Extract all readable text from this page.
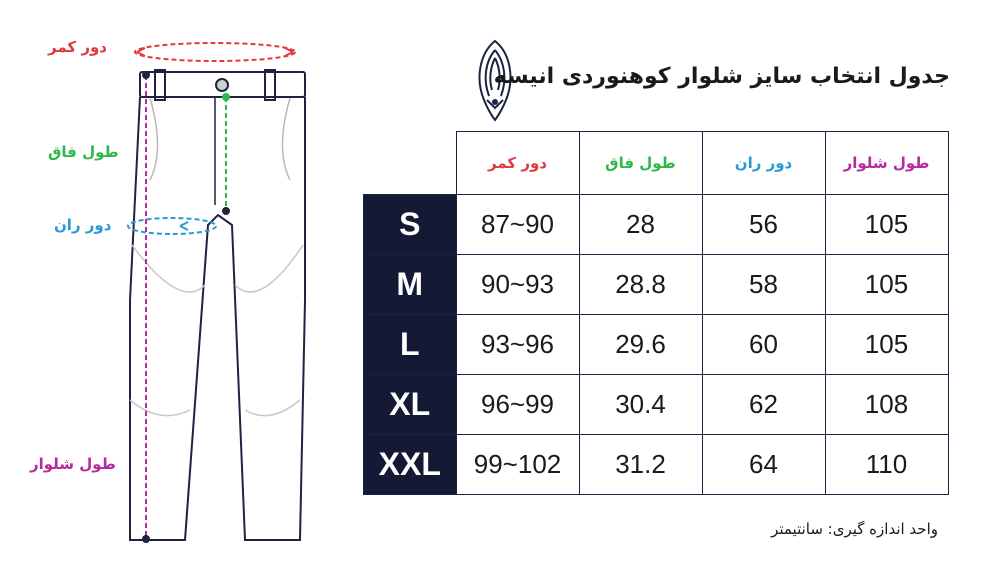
دور کمر
طول فاق
دور ران
طول شلوار
جدول انتخاب سایز شلوار کوهنوردی انیسه
	دور کمر	طول فاق	دور ران	طول شلوار
S	87~90	28	56	105
M	90~93	28.8	58	105
L	93~96	29.6	60	105
XL	96~99	30.4	62	108
XXL	99~102	31.2	64	110
واحد اندازه گیری: سانتیمتر
